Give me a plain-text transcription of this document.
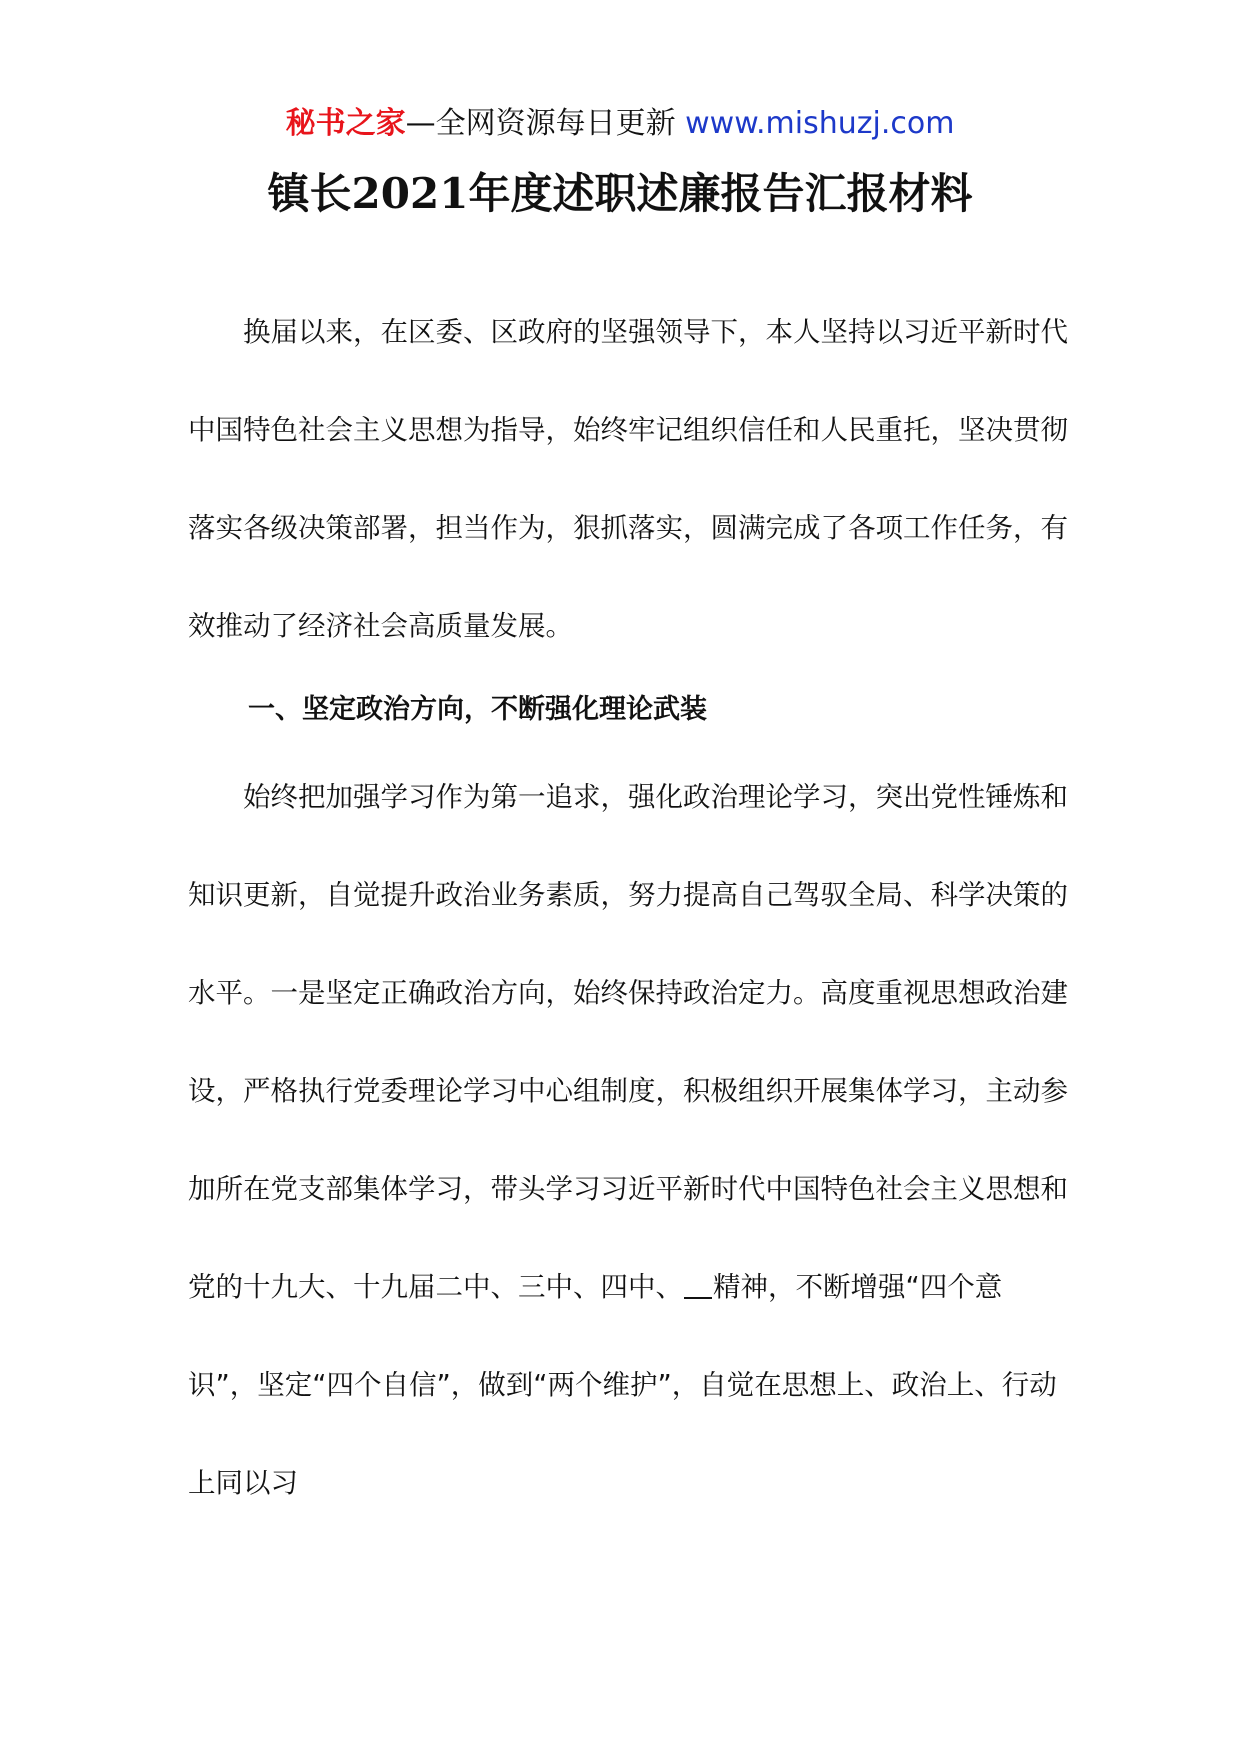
秘书之家—全网资源每日更新 www.mishuzj.com
镇长2021年度述职述廉报告汇报材料

换届以来，在区委、区政府的坚强领导下，本人坚持以习近平新时代中国特色社会主义思想为指导，始终牢记组织信任和人民重托，坚决贯彻落实各级决策部署，担当作为，狠抓落实，圆满完成了各项工作任务，有效推动了经济社会高质量发展。

一、坚定政治方向，不断强化理论武装

始终把加强学习作为第一追求，强化政治理论学习，突出党性锤炼和知识更新，自觉提升政治业务素质，努力提高自己驾驭全局、科学决策的水平。一是坚定正确政治方向，始终保持政治定力。高度重视思想政治建设，严格执行党委理论学习中心组制度，积极组织开展集体学习，主动参加所在党支部集体学习，带头学习习近平新时代中国特色社会主义思想和党的十九大、十九届二中、三中、四中、 精神，不断增强“四个意识”，坚定“四个自信”，做到“两个维护”，自觉在思想上、政治上、行动上同以习
